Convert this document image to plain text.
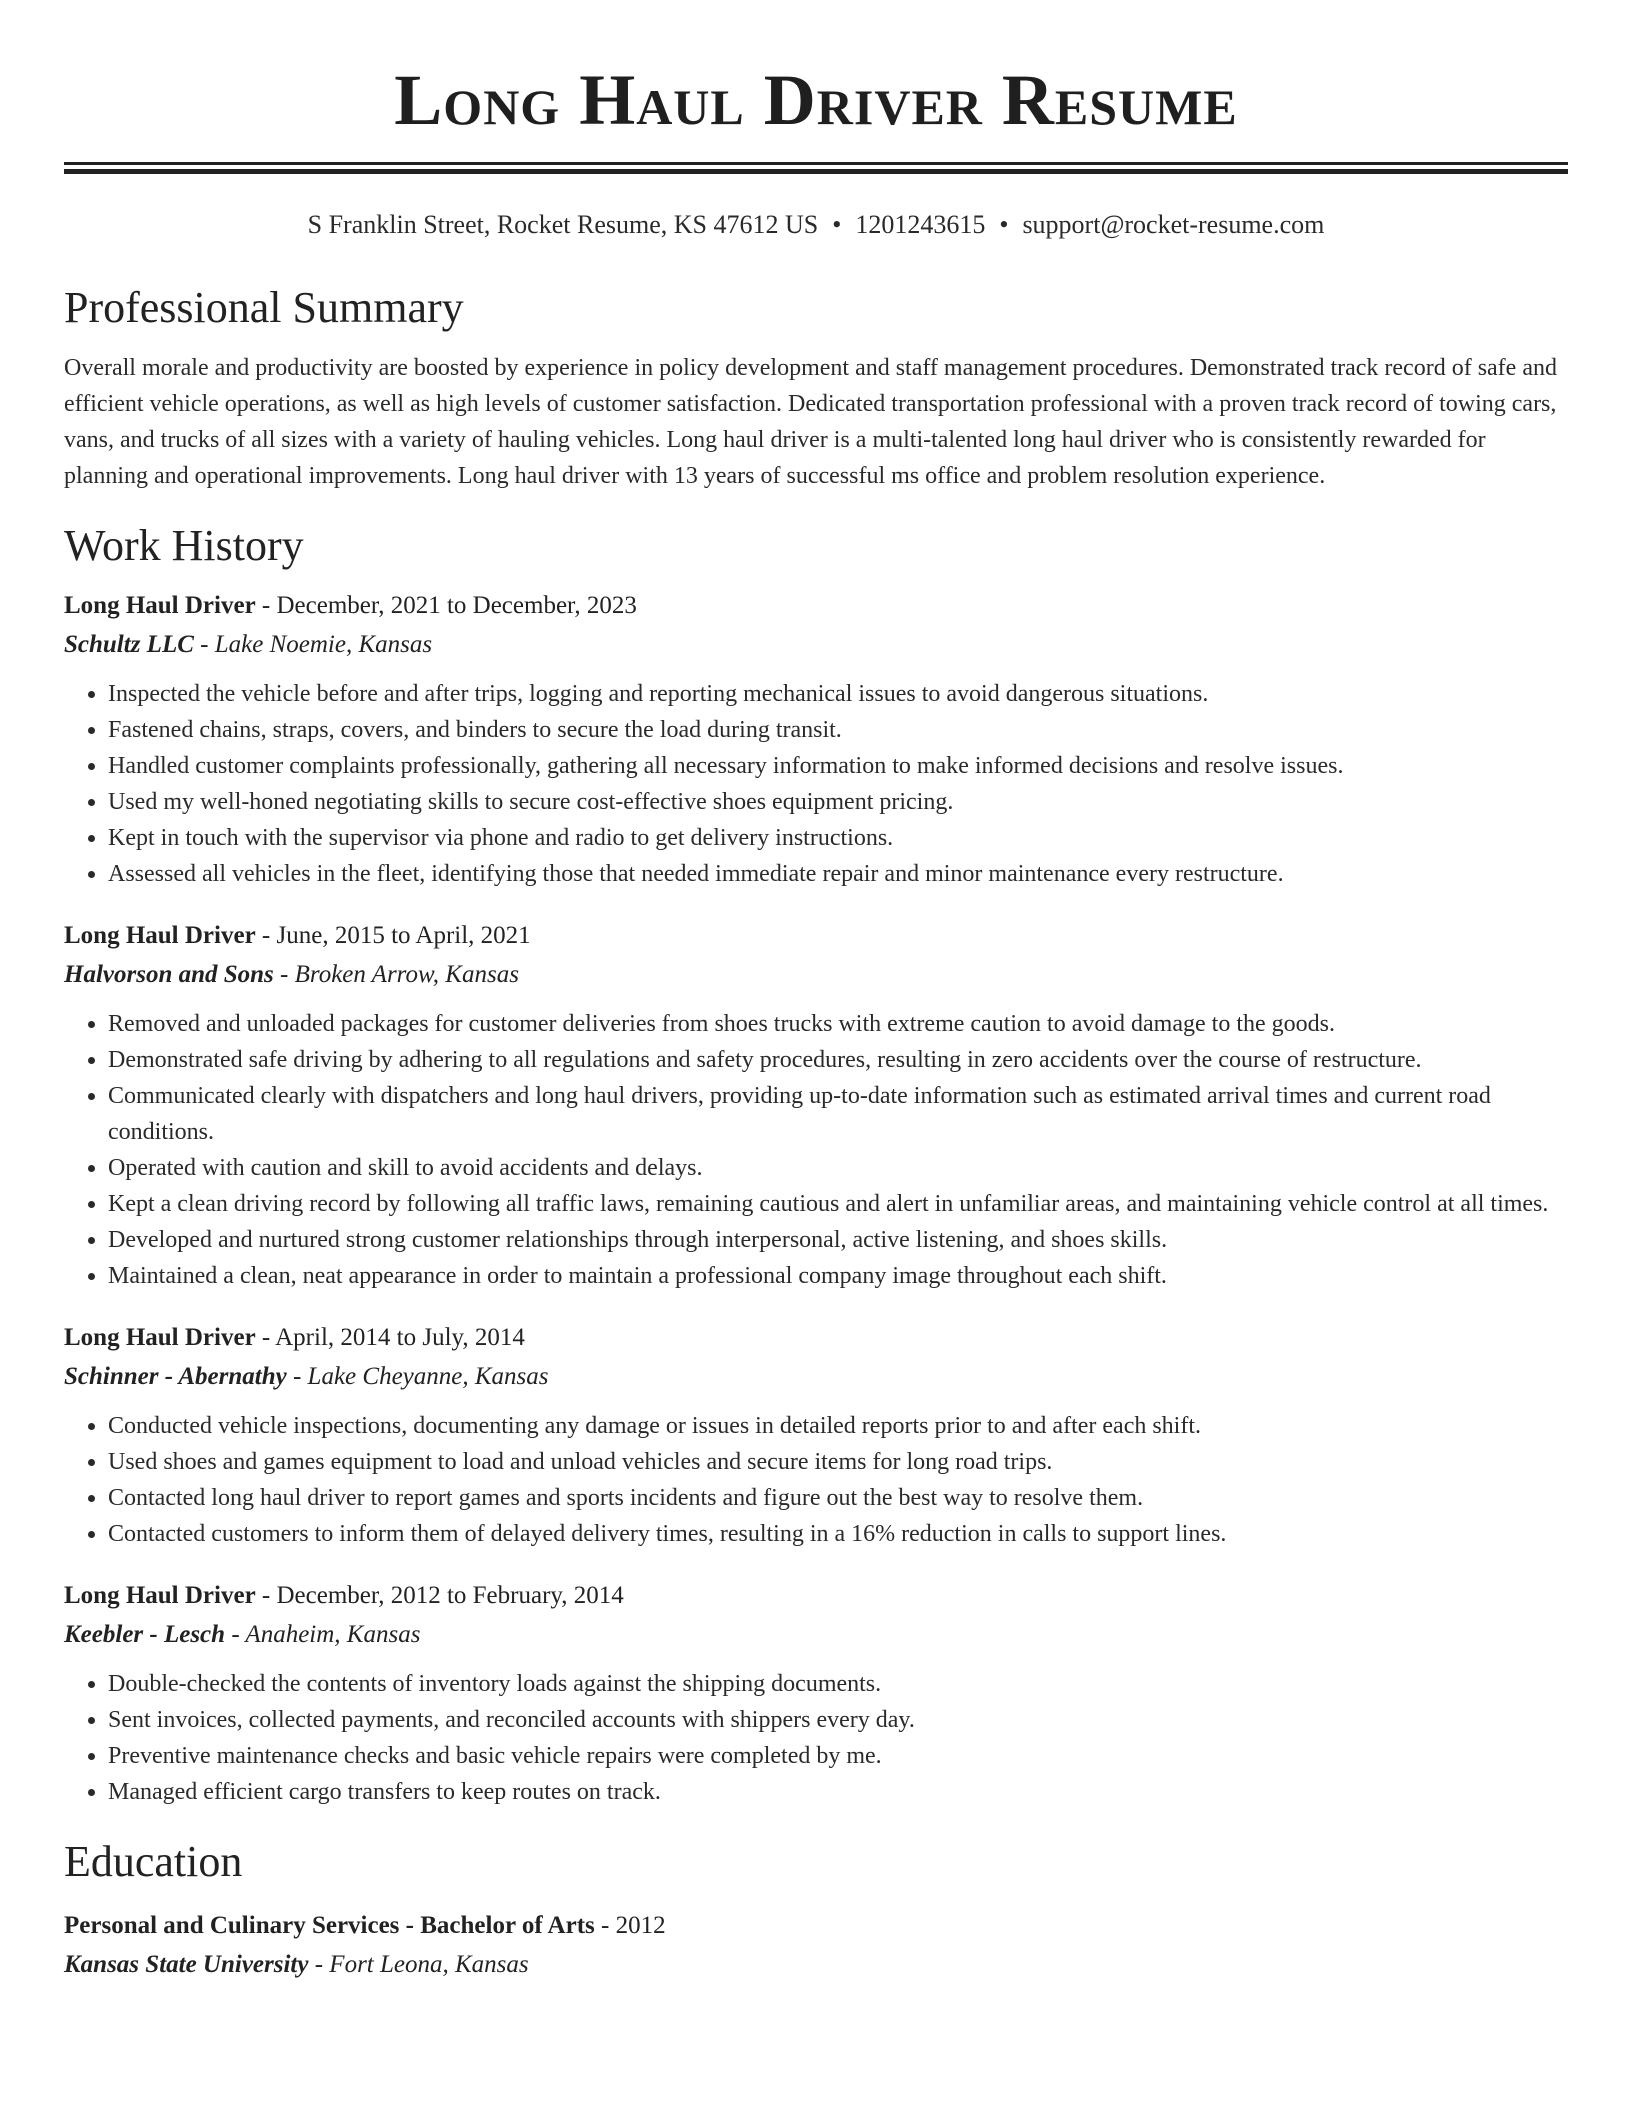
Long Haul Driver Resume
S Franklin Street, Rocket Resume, KS 47612 US • 1201243615 • support@rocket-resume.com
Professional Summary

Overall morale and productivity are boosted by experience in policy development and staff management procedures. Demonstrated track record of safe and efficient vehicle operations, as well as high levels of customer satisfaction. Dedicated transportation professional with a proven track record of towing cars, vans, and trucks of all sizes with a variety of hauling vehicles. Long haul driver is a multi-talented long haul driver who is consistently rewarded for planning and operational improvements. Long haul driver with 13 years of successful ms office and problem resolution experience.

Work History
Long Haul Driver - December, 2021 to December, 2023
Schultz LLC - Lake Noemie, Kansas
• Inspected the vehicle before and after trips, logging and reporting mechanical issues to avoid dangerous situations.
• Fastened chains, straps, covers, and binders to secure the load during transit.
• Handled customer complaints professionally, gathering all necessary information to make informed decisions and resolve issues.
• Used my well-honed negotiating skills to secure cost-effective shoes equipment pricing.
• Kept in touch with the supervisor via phone and radio to get delivery instructions.
• Assessed all vehicles in the fleet, identifying those that needed immediate repair and minor maintenance every restructure.
Long Haul Driver - June, 2015 to April, 2021
Halvorson and Sons - Broken Arrow, Kansas
• Removed and unloaded packages for customer deliveries from shoes trucks with extreme caution to avoid damage to the goods.
• Demonstrated safe driving by adhering to all regulations and safety procedures, resulting in zero accidents over the course of restructure.
• Communicated clearly with dispatchers and long haul drivers, providing up-to-date information such as estimated arrival times and current road conditions.
• Operated with caution and skill to avoid accidents and delays.
• Kept a clean driving record by following all traffic laws, remaining cautious and alert in unfamiliar areas, and maintaining vehicle control at all times.
• Developed and nurtured strong customer relationships through interpersonal, active listening, and shoes skills.
• Maintained a clean, neat appearance in order to maintain a professional company image throughout each shift.
Long Haul Driver - April, 2014 to July, 2014
Schinner - Abernathy - Lake Cheyanne, Kansas
• Conducted vehicle inspections, documenting any damage or issues in detailed reports prior to and after each shift.
• Used shoes and games equipment to load and unload vehicles and secure items for long road trips.
• Contacted long haul driver to report games and sports incidents and figure out the best way to resolve them.
• Contacted customers to inform them of delayed delivery times, resulting in a 16% reduction in calls to support lines.
Long Haul Driver - December, 2012 to February, 2014
Keebler - Lesch - Anaheim, Kansas
• Double-checked the contents of inventory loads against the shipping documents.
• Sent invoices, collected payments, and reconciled accounts with shippers every day.
• Preventive maintenance checks and basic vehicle repairs were completed by me.
• Managed efficient cargo transfers to keep routes on track.
Education
Personal and Culinary Services - Bachelor of Arts - 2012
Kansas State University - Fort Leona, Kansas
